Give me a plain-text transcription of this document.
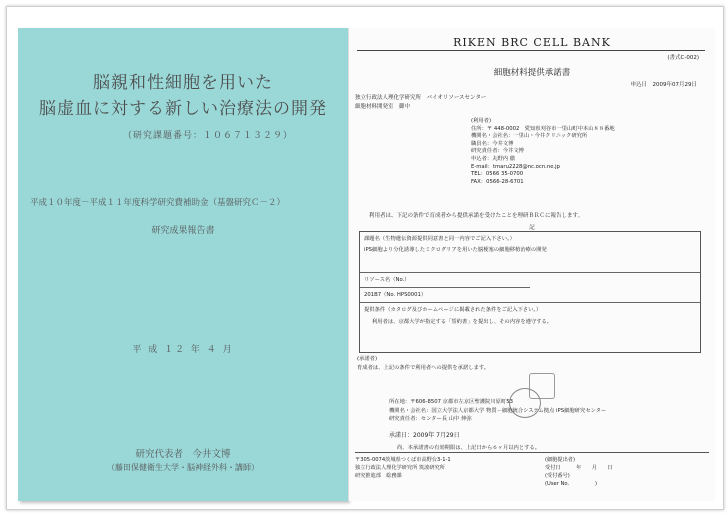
脳親和性細胞を用いた
脳虚血に対する新しい治療法の開発
（研究課題番号：１０６７１３２９）
平成１０年度－平成１１年度科学研究費補助金（基盤研究Ｃ－２）
研究成果報告書
平 成 １２ 年 ４ 月
研究代表者　今井文博
（藤田保健衛生大学・脳神経外科・講師）
RIKEN BRC CELL BANK
(書式C-002)
細胞材料提供承諾書
申込日　2009年07月29日
独立行政法人理化学研究所　バイオリソースセンター
細胞材料開発室　御中
(利用者)
住所：〒 448-0002　愛知県刈谷市一里山町中本山８８番地
機関名・会社名：一里山・今井クリニック研究所
職員名：今井文博
研究責任者：今井文博
申込者：丸野内 徹
E-mail：tmaru2228@nc.ocn.ne.jp
TEL：0566 35-0700
FAX：0566-28-6701
利用者は、下記の条件で育成者から提供承諾を受けたことを理研ＢＲＣに報告します。
記
課題名（生物遺伝資源提供同意書と同一内容でご記入下さい。）
iPS細胞より分化誘導したミクログリアを用いた脳梗塞の細胞移植治療の開発
リソース名（No.）
201B7（No. HPS0001）
提供条件（カタログ及びホームページに掲載された条件をご記入下さい。）
利用者は、京都大学が指定する「誓約書」を提出し、その内容を遵守する。
(承諾者)
育成者は、上記の条件で利用者への提供を承諾します。
所在地：〒606-8507 京都市左京区聖護院川原町53
機関名・会社名：国立大学法人京都大学 物質－細胞統合システム拠点 iPS細胞研究センター
研究責任者：センター長 山中 伸弥
承諾日：2009年 7月29日
尚、本承諾書の有効期限は、上記日から６ヶ月以内とする。
〒305-0074茨城県つくば市高野台3-1-1
独立行政法人理化学研究所 筑波研究所
研究推進部　総務課
(細胞提出者)
受付日　　　年　　月　　日
(受付番号)
(User No.　　　　　)
